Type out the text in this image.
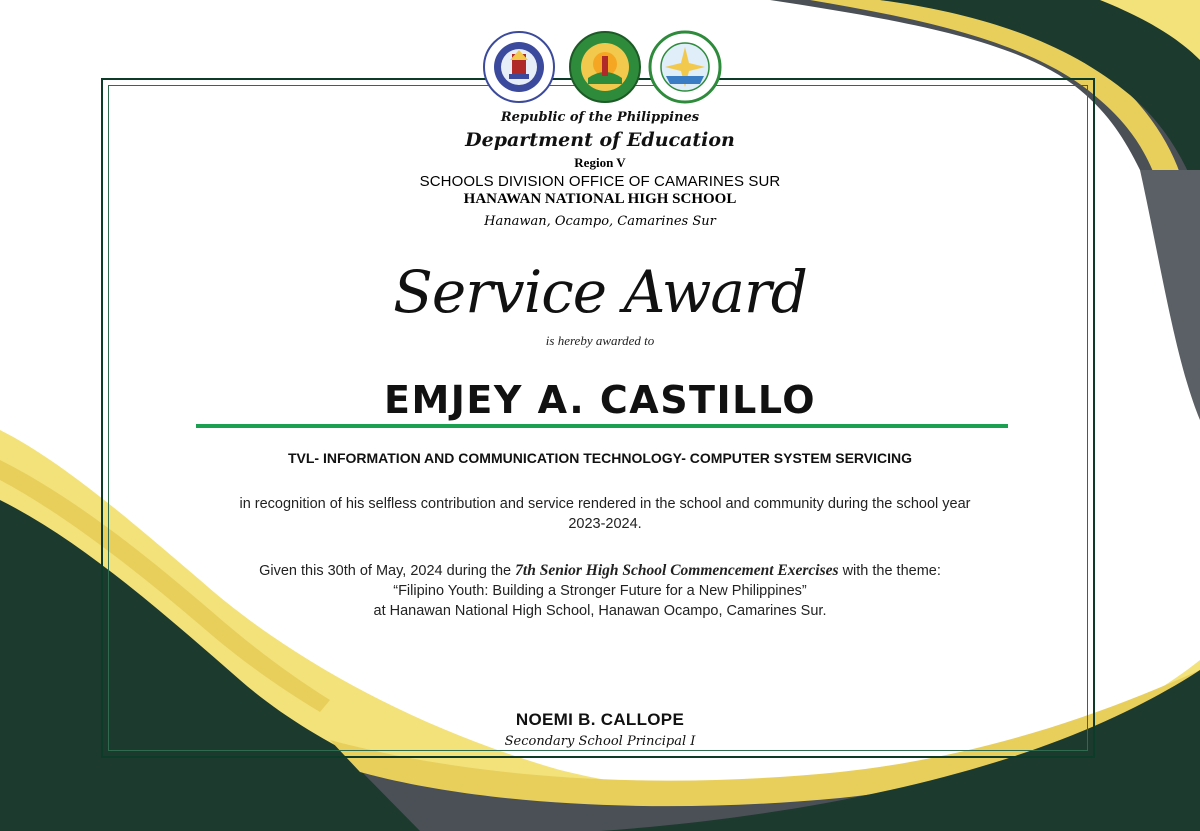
Republic of the Philippines
Department of Education
Region V
SCHOOLS DIVISION OFFICE OF CAMARINES SUR
HANAWAN NATIONAL HIGH SCHOOL
Hanawan, Ocampo, Camarines Sur
Service Award
is hereby awarded to
EMJEY A. CASTILLO
TVL- INFORMATION AND COMMUNICATION TECHNOLOGY- COMPUTER SYSTEM SERVICING
in recognition of his selfless contribution and service rendered in the school and community during the school year
2023-2024.
Given this 30th of May, 2024 during the 7th Senior High School Commencement Exercises with the theme:
“Filipino Youth: Building a Stronger Future for a New Philippines”
at Hanawan National High School, Hanawan Ocampo, Camarines Sur.
NOEMI B. CALLOPE
Secondary School Principal I
